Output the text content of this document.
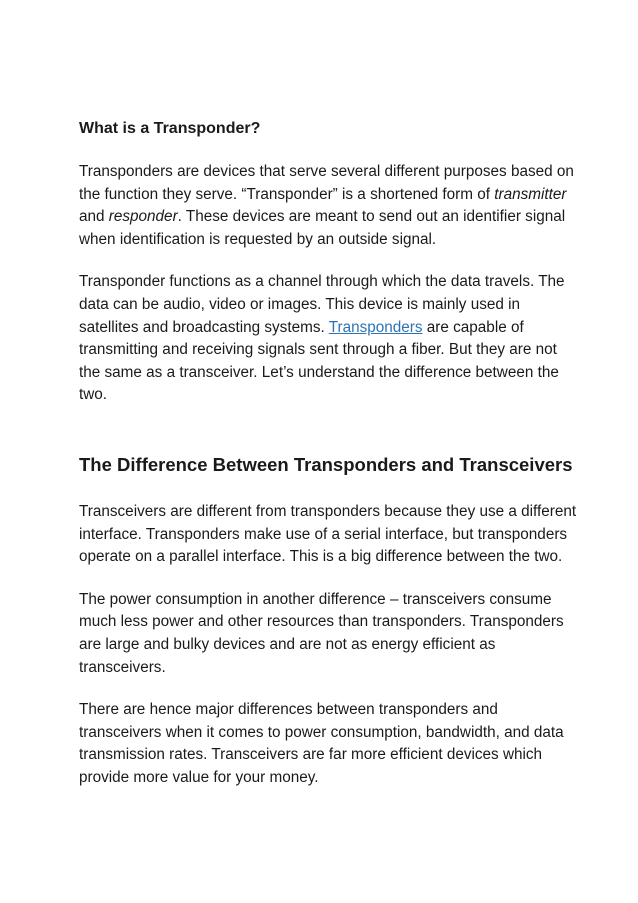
What is a Transponder?

Transponders are devices that serve several different purposes based on the function they serve. “Transponder” is a shortened form of transmitter and responder. These devices are meant to send out an identifier signal when identification is requested by an outside signal.

Transponder functions as a channel through which the data travels. The data can be audio, video or images. This device is mainly used in satellites and broadcasting systems. Transponders are capable of transmitting and receiving signals sent through a fiber. But they are not the same as a transceiver. Let’s understand the difference between the two.

The Difference Between Transponders and Transceivers

Transceivers are different from transponders because they use a different interface. Transponders make use of a serial interface, but transponders operate on a parallel interface. This is a big difference between the two.

The power consumption in another difference – transceivers consume much less power and other resources than transponders. Transponders are large and bulky devices and are not as energy efficient as transceivers.

There are hence major differences between transponders and transceivers when it comes to power consumption, bandwidth, and data transmission rates. Transceivers are far more efficient devices which provide more value for your money.
